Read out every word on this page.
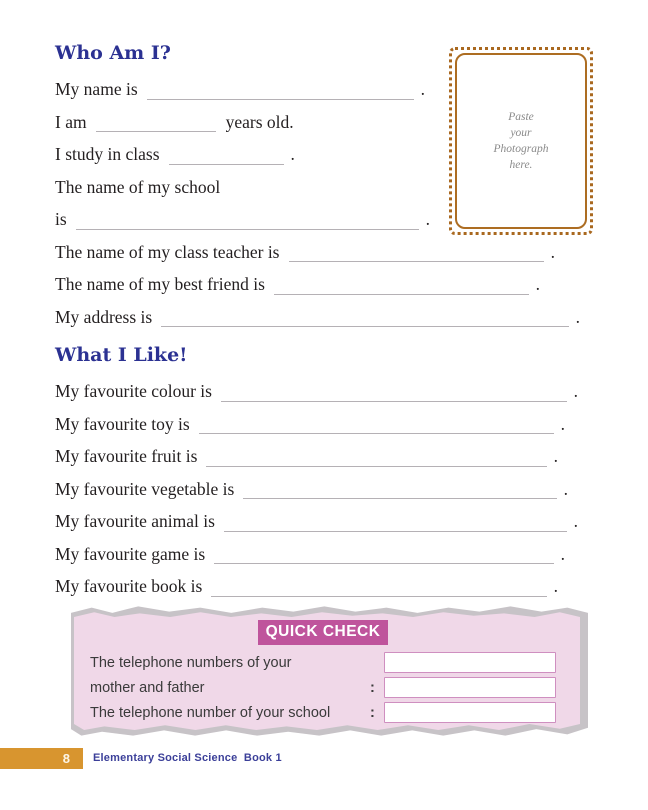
Who Am I?
My name is	.
I am	years old.
I study in class	.
The name of my school
is	.
The name of my class teacher is	.
The name of my best friend is	.
My address is	.
What I Like!
My favourite colour is	.
My favourite toy is	.
My favourite fruit is	.
My favourite vegetable is	.
My favourite animal is	.
My favourite game is	.
My favourite book is	.
Paste
your
Photograph
here.
QUICK CHECK
The telephone numbers of your
mother and father	:
The telephone number of your school	:
8	Elementary Social Science  Book 1
